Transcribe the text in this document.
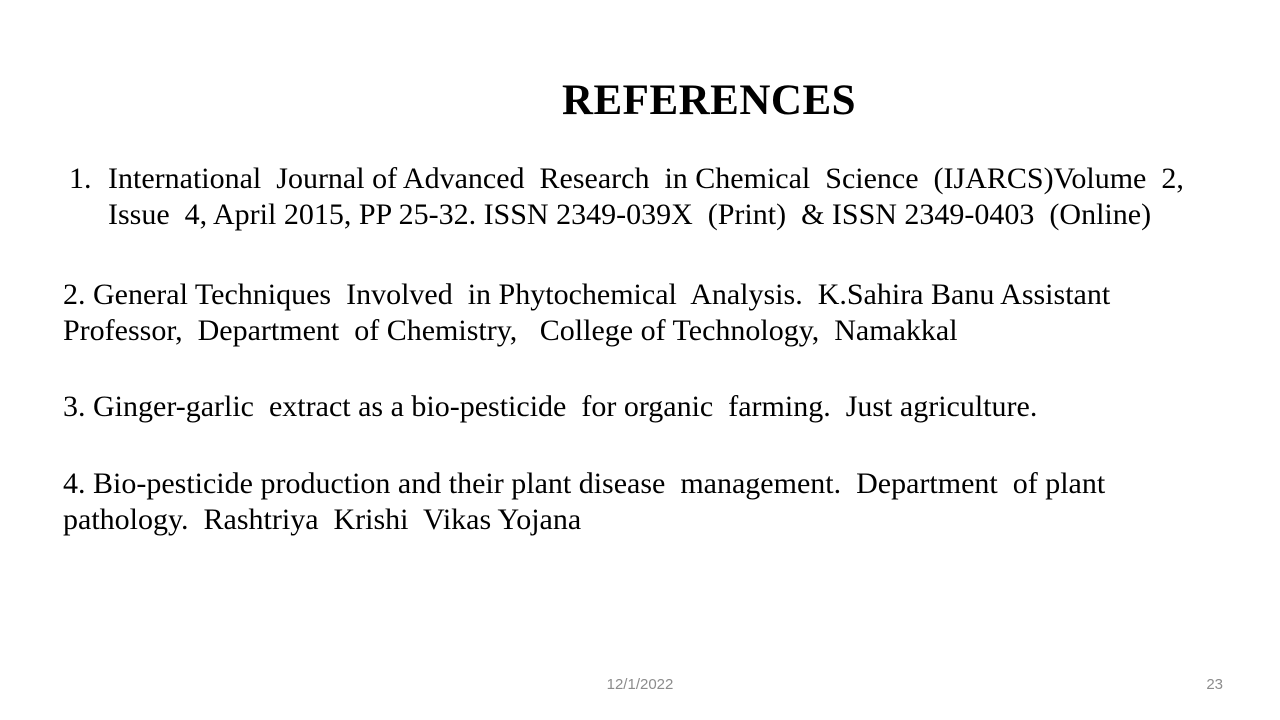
REFERENCES
1. International  Journal of Advanced  Research  in Chemical  Science  (IJARCS)Volume  2,
Issue  4, April 2015, PP 25-32. ISSN 2349-039X  (Print)  & ISSN 2349-0403  (Online)
2. General Techniques  Involved  in Phytochemical  Analysis.  K.Sahira Banu Assistant
Professor,  Department  of Chemistry,   College of Technology,  Namakkal
3. Ginger-garlic  extract as a bio-pesticide  for organic  farming.  Just agriculture.
4. Bio-pesticide production and their plant disease  management.  Department  of plant
pathology.  Rashtriya  Krishi  Vikas Yojana
12/1/2022	23
